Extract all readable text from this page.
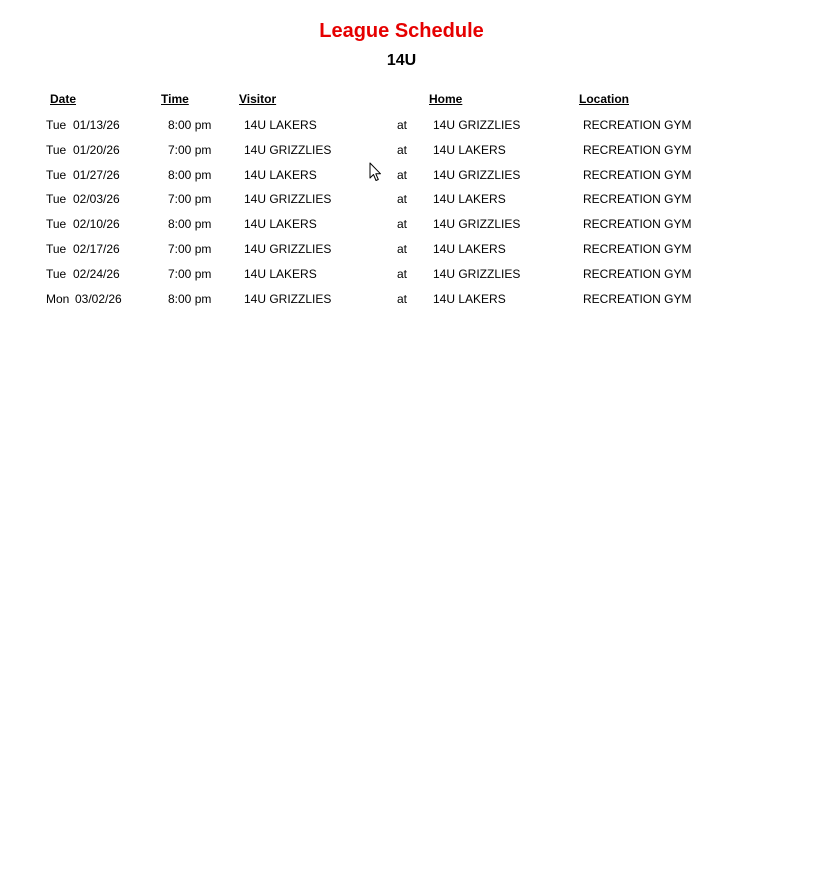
League Schedule
14U
Date	Time	Visitor	Home	Location
Tue 01/13/26	8:00 pm	14U LAKERS	at 14U GRIZZLIES	RECREATION GYM
Tue 01/20/26	7:00 pm	14U GRIZZLIES	at 14U LAKERS	RECREATION GYM
Tue 01/27/26	8:00 pm	14U LAKERS	at 14U GRIZZLIES	RECREATION GYM
Tue 02/03/26	7:00 pm	14U GRIZZLIES	at 14U LAKERS	RECREATION GYM
Tue 02/10/26	8:00 pm	14U LAKERS	at 14U GRIZZLIES	RECREATION GYM
Tue 02/17/26	7:00 pm	14U GRIZZLIES	at 14U LAKERS	RECREATION GYM
Tue 02/24/26	7:00 pm	14U LAKERS	at 14U GRIZZLIES	RECREATION GYM
Mon 03/02/26	8:00 pm	14U GRIZZLIES	at 14U LAKERS	RECREATION GYM
